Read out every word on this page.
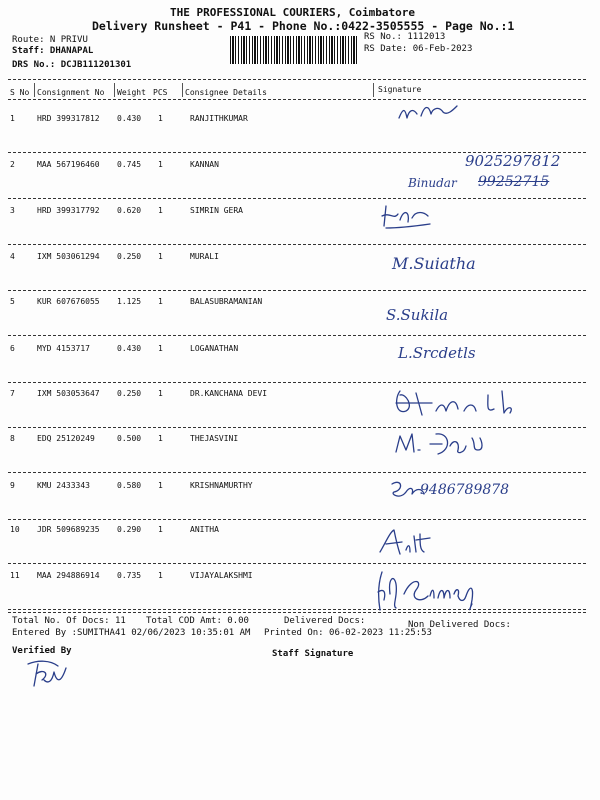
THE PROFESSIONAL COURIERS, Coimbatore
Delivery Runsheet - P41 - Phone No.:0422-3505555 - Page No.:1
Route: N PRIVU
Staff: DHANAPAL
DRS No.: DCJB111201301
RS No.: 1112013
RS Date: 06-Feb-2023
S No Consignment No Weight PCS Consignee Details	Signature
1	HRD 399317812 0.430 1	RANJITHKUMAR
2	MAA 567196460 0.745 1	KANNAN
3	HRD 399317792 0.620 1	SIMRIN GERA
4	IXM 503061294 0.250 1	MURALI
5	KUR 607676055 1.125 1	BALASUBRAMANIAN
6	MYD 4153717	0.430 1	LOGANATHAN
7	IXM 503053647 0.250 1	DR.KANCHANA DEVI
8	EDQ 25120249	0.500 1	THEJASVINI
9	KMU 2433343	0.580 1	KRISHNAMURTHY
10 JDR 509689235 0.290 1	ANITHA
11 MAA 294886914 0.735 1	VIJAYALAKSHMI
9025297812
Binudar 99252715
M.Suiatha
S.Sukila
L.Srcdetls
9486789878
Total No. Of Docs: 11 Total COD Amt: 0.00	Delivered Docs:	Non Delivered Docs:
Entered By :SUMITHA41 02/06/2023 10:35:01 AM Printed On: 06-02-2023 11:25:53
Verified By	Staff Signature
